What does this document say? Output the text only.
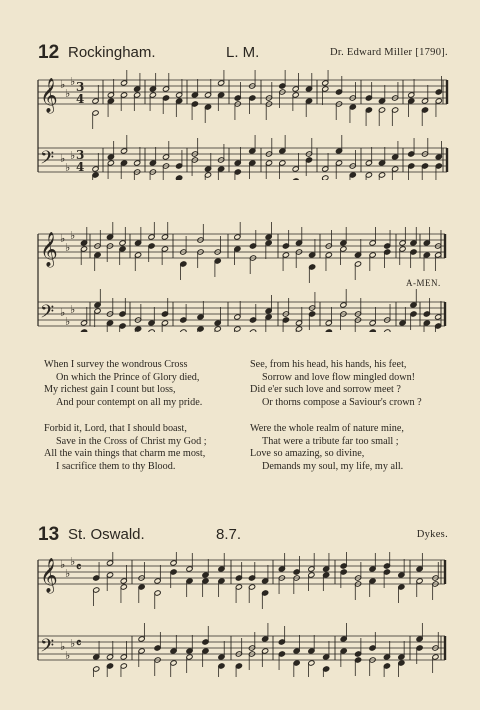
12 Rockingham.	L. M.	Dr. Edward Miller [1790].
𝄞
𝄢
♭
♭
♭
♭
♭
♭
3
4
3
4
𝄞
𝄢
♭
♭
♭
♭
♭
♭
A-MEN.
When I survey the wondrous Cross
On which the Prince of Glory died,
My richest gain I count but loss,
And pour contempt on all my pride.
See, from his head, his hands, his feet,
Sorrow and love flow mingled down!
Did e'er such love and sorrow meet ?
Or thorns compose a Saviour's crown ?
Forbid it, Lord, that I should boast,
Save in the Cross of Christ my God ;
All the vain things that charm me most,
I sacrifice them to thy Blood.
Were the whole realm of nature mine,
That were a tribute far too small ;
Love so amazing, so divine,
Demands my soul, my life, my all.
13 St. Oswald.	8.7.	Dykes.
𝄞
𝄢
♭
♭
♭
♭
♭
♭
𝄴
𝄴
